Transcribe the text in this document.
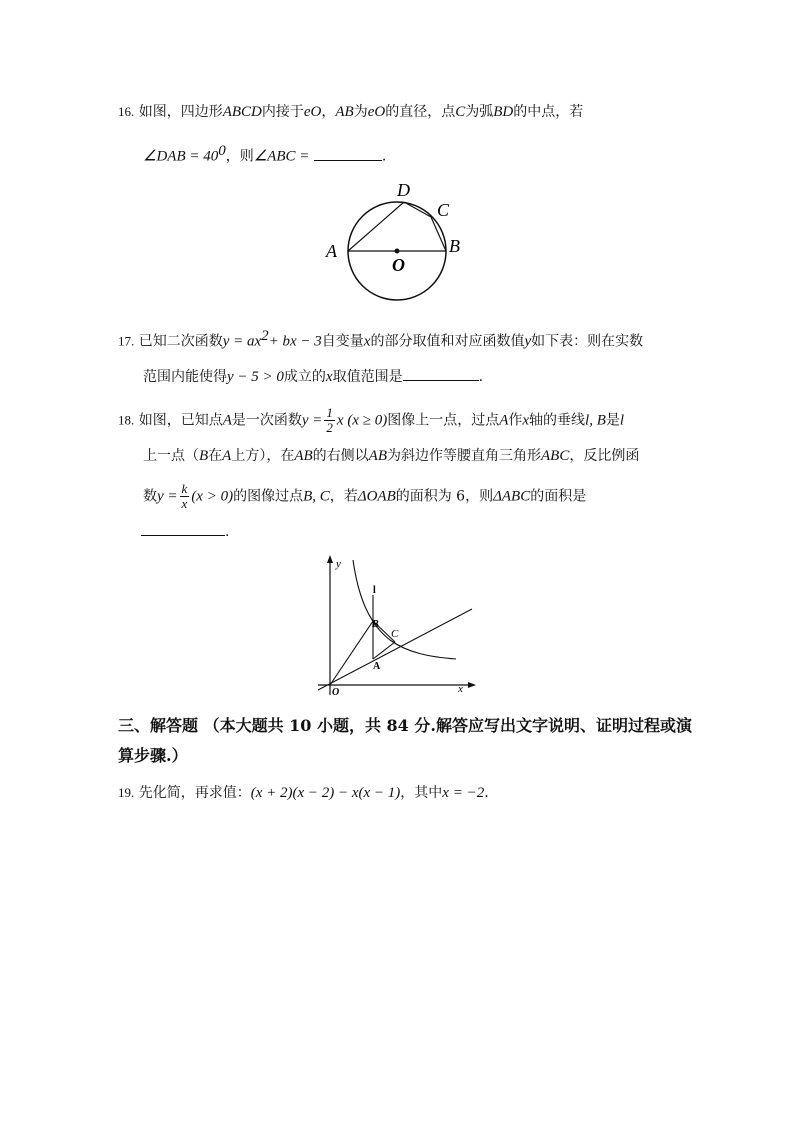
16. 如图，四边形ABCD内接于eO，AB为eO的直径，点C为弧BD的中点，若
∠DAB = $40^0$，则∠ABC =	.
A	B
C
D
O
17. 已知二次函数$y = ax^2+$ bx − 3自变量x的部分取值和对应函数值y如下表：则在实数
范围内能使得y − 5 > 0成立的x取值范围是	.
18. 如图，已知点A是一次函数$y = \frac{1}{2}$ x (x ≥ 0)图像上一点，过点A作x轴的垂线l, B是l
上一点（B在A上方），在AB的右侧以AB为斜边作等腰直角三角形ABC，反比例函
数$y = \frac{k}{x} (x > 0)$的图像过点B, C，若ΔOAB的面积为 6，则ΔABC的面积是
.
y
l
B
C
A
O	x
三、解答题 （本大题共 10 小题，共 84 分.解答应写出文字说明、证明过程或演
算步骤.）
19. 先化简，再求值：(x + 2)(x − 2) − x(x − 1)，其中x = −2.
